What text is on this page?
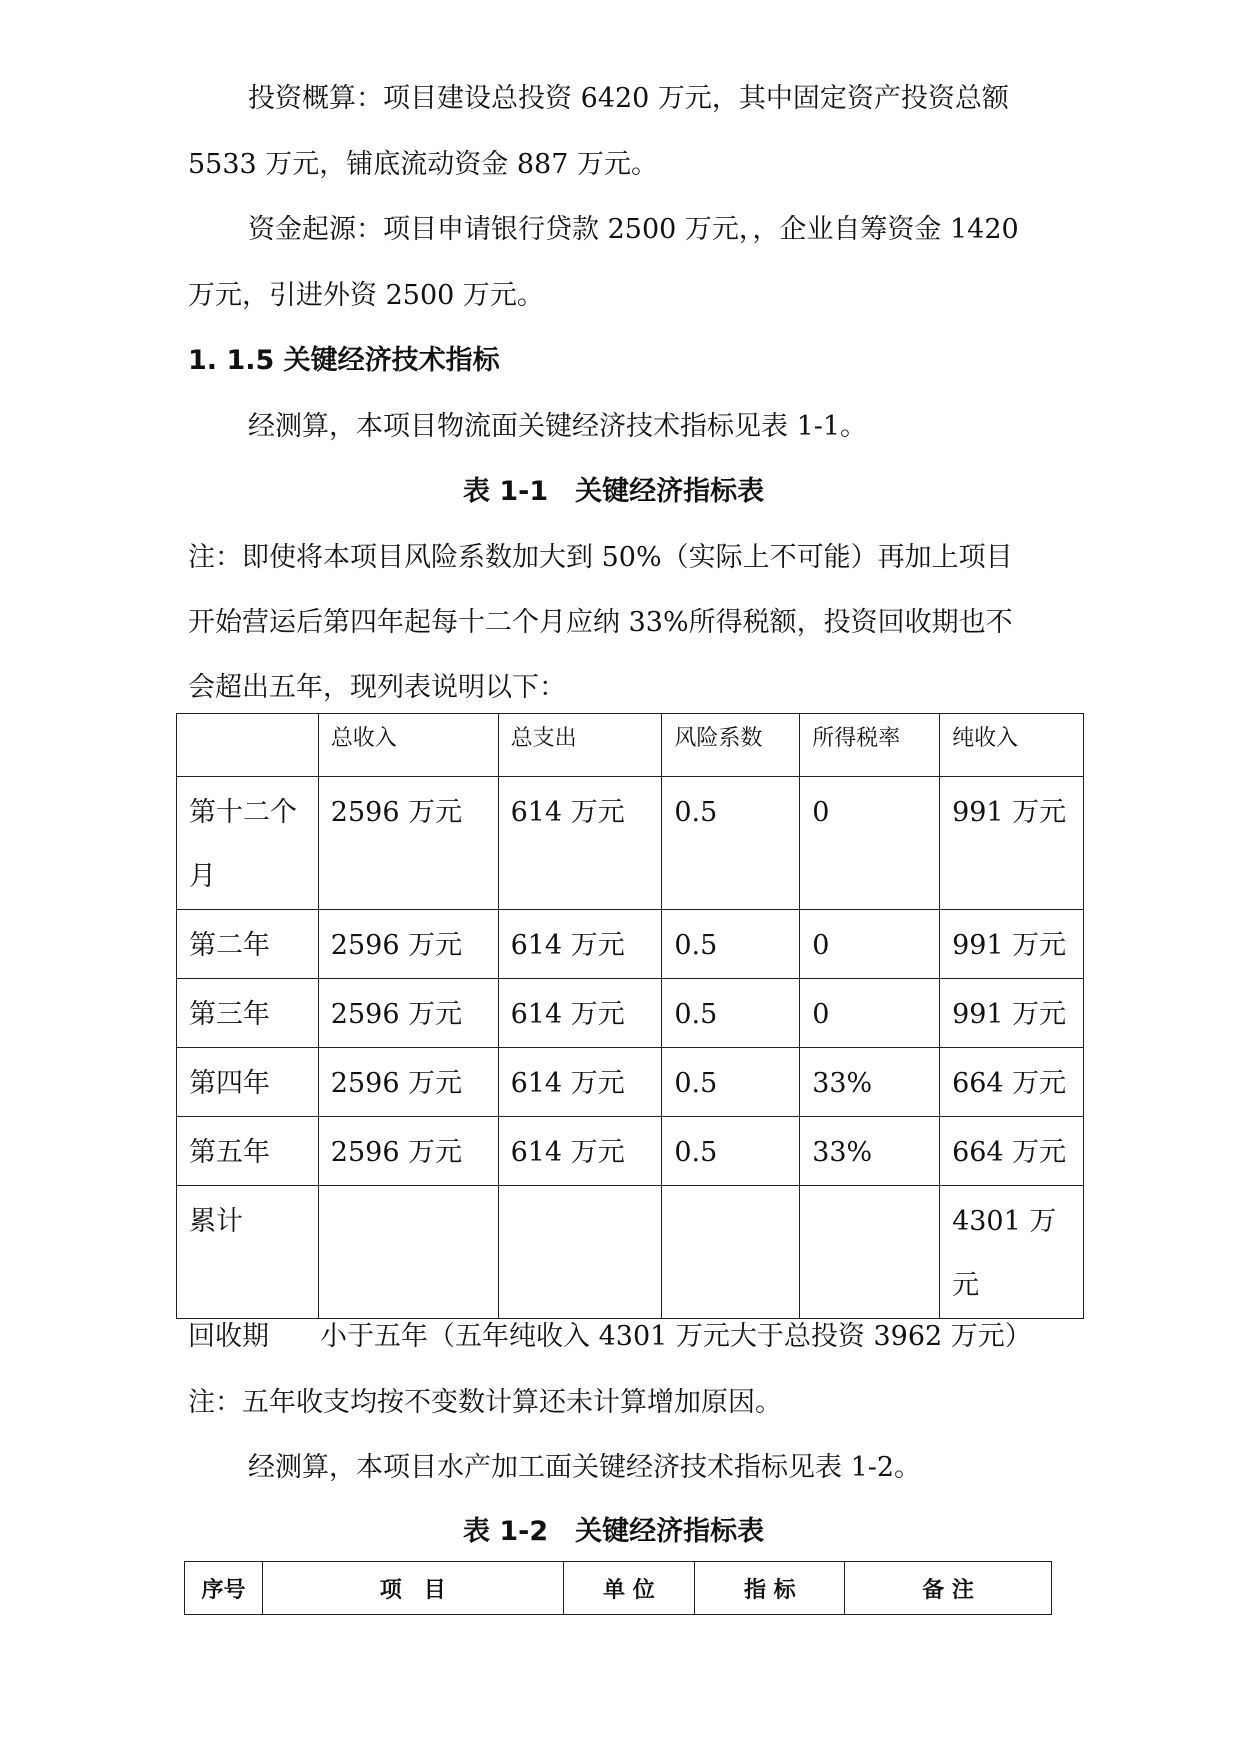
投资概算：项目建设总投资 6420 万元，其中固定资产投资总额
5533 万元，铺底流动资金 887 万元。
资金起源：项目申请银行贷款 2500 万元，，企业自筹资金 1420
万元，引进外资 2500 万元。
1. 1.5 关键经济技术指标
经测算，本项目物流面关键经济技术指标见表 1-1。
表 1-1　关键经济指标表
注：即使将本项目风险系数加大到 50%（实际上不可能）再加上项目
开始营运后第四年起每十二个月应纳 33%所得税额，投资回收期也不
会超出五年，现列表说明以下：
	总收入	总支出	风险系数	所得税率	纯收入
第十二个月	2596 万元	614 万元	0.5	0	991 万元
第二年	2596 万元	614 万元	0.5	0	991 万元
第三年	2596 万元	614 万元	0.5	0	991 万元
第四年	2596 万元	614 万元	0.5	33%	664 万元
第五年	2596 万元	614 万元	0.5	33%	664 万元
累计					4301 万元
回收期 小于五年（五年纯收入 4301 万元大于总投资 3962 万元）
注：五年收支均按不变数计算还未计算增加原因。
经测算，本项目水产加工面关键经济技术指标见表 1-2。
表 1-2　关键经济指标表
序号	项　目	单 位	指 标	备 注
